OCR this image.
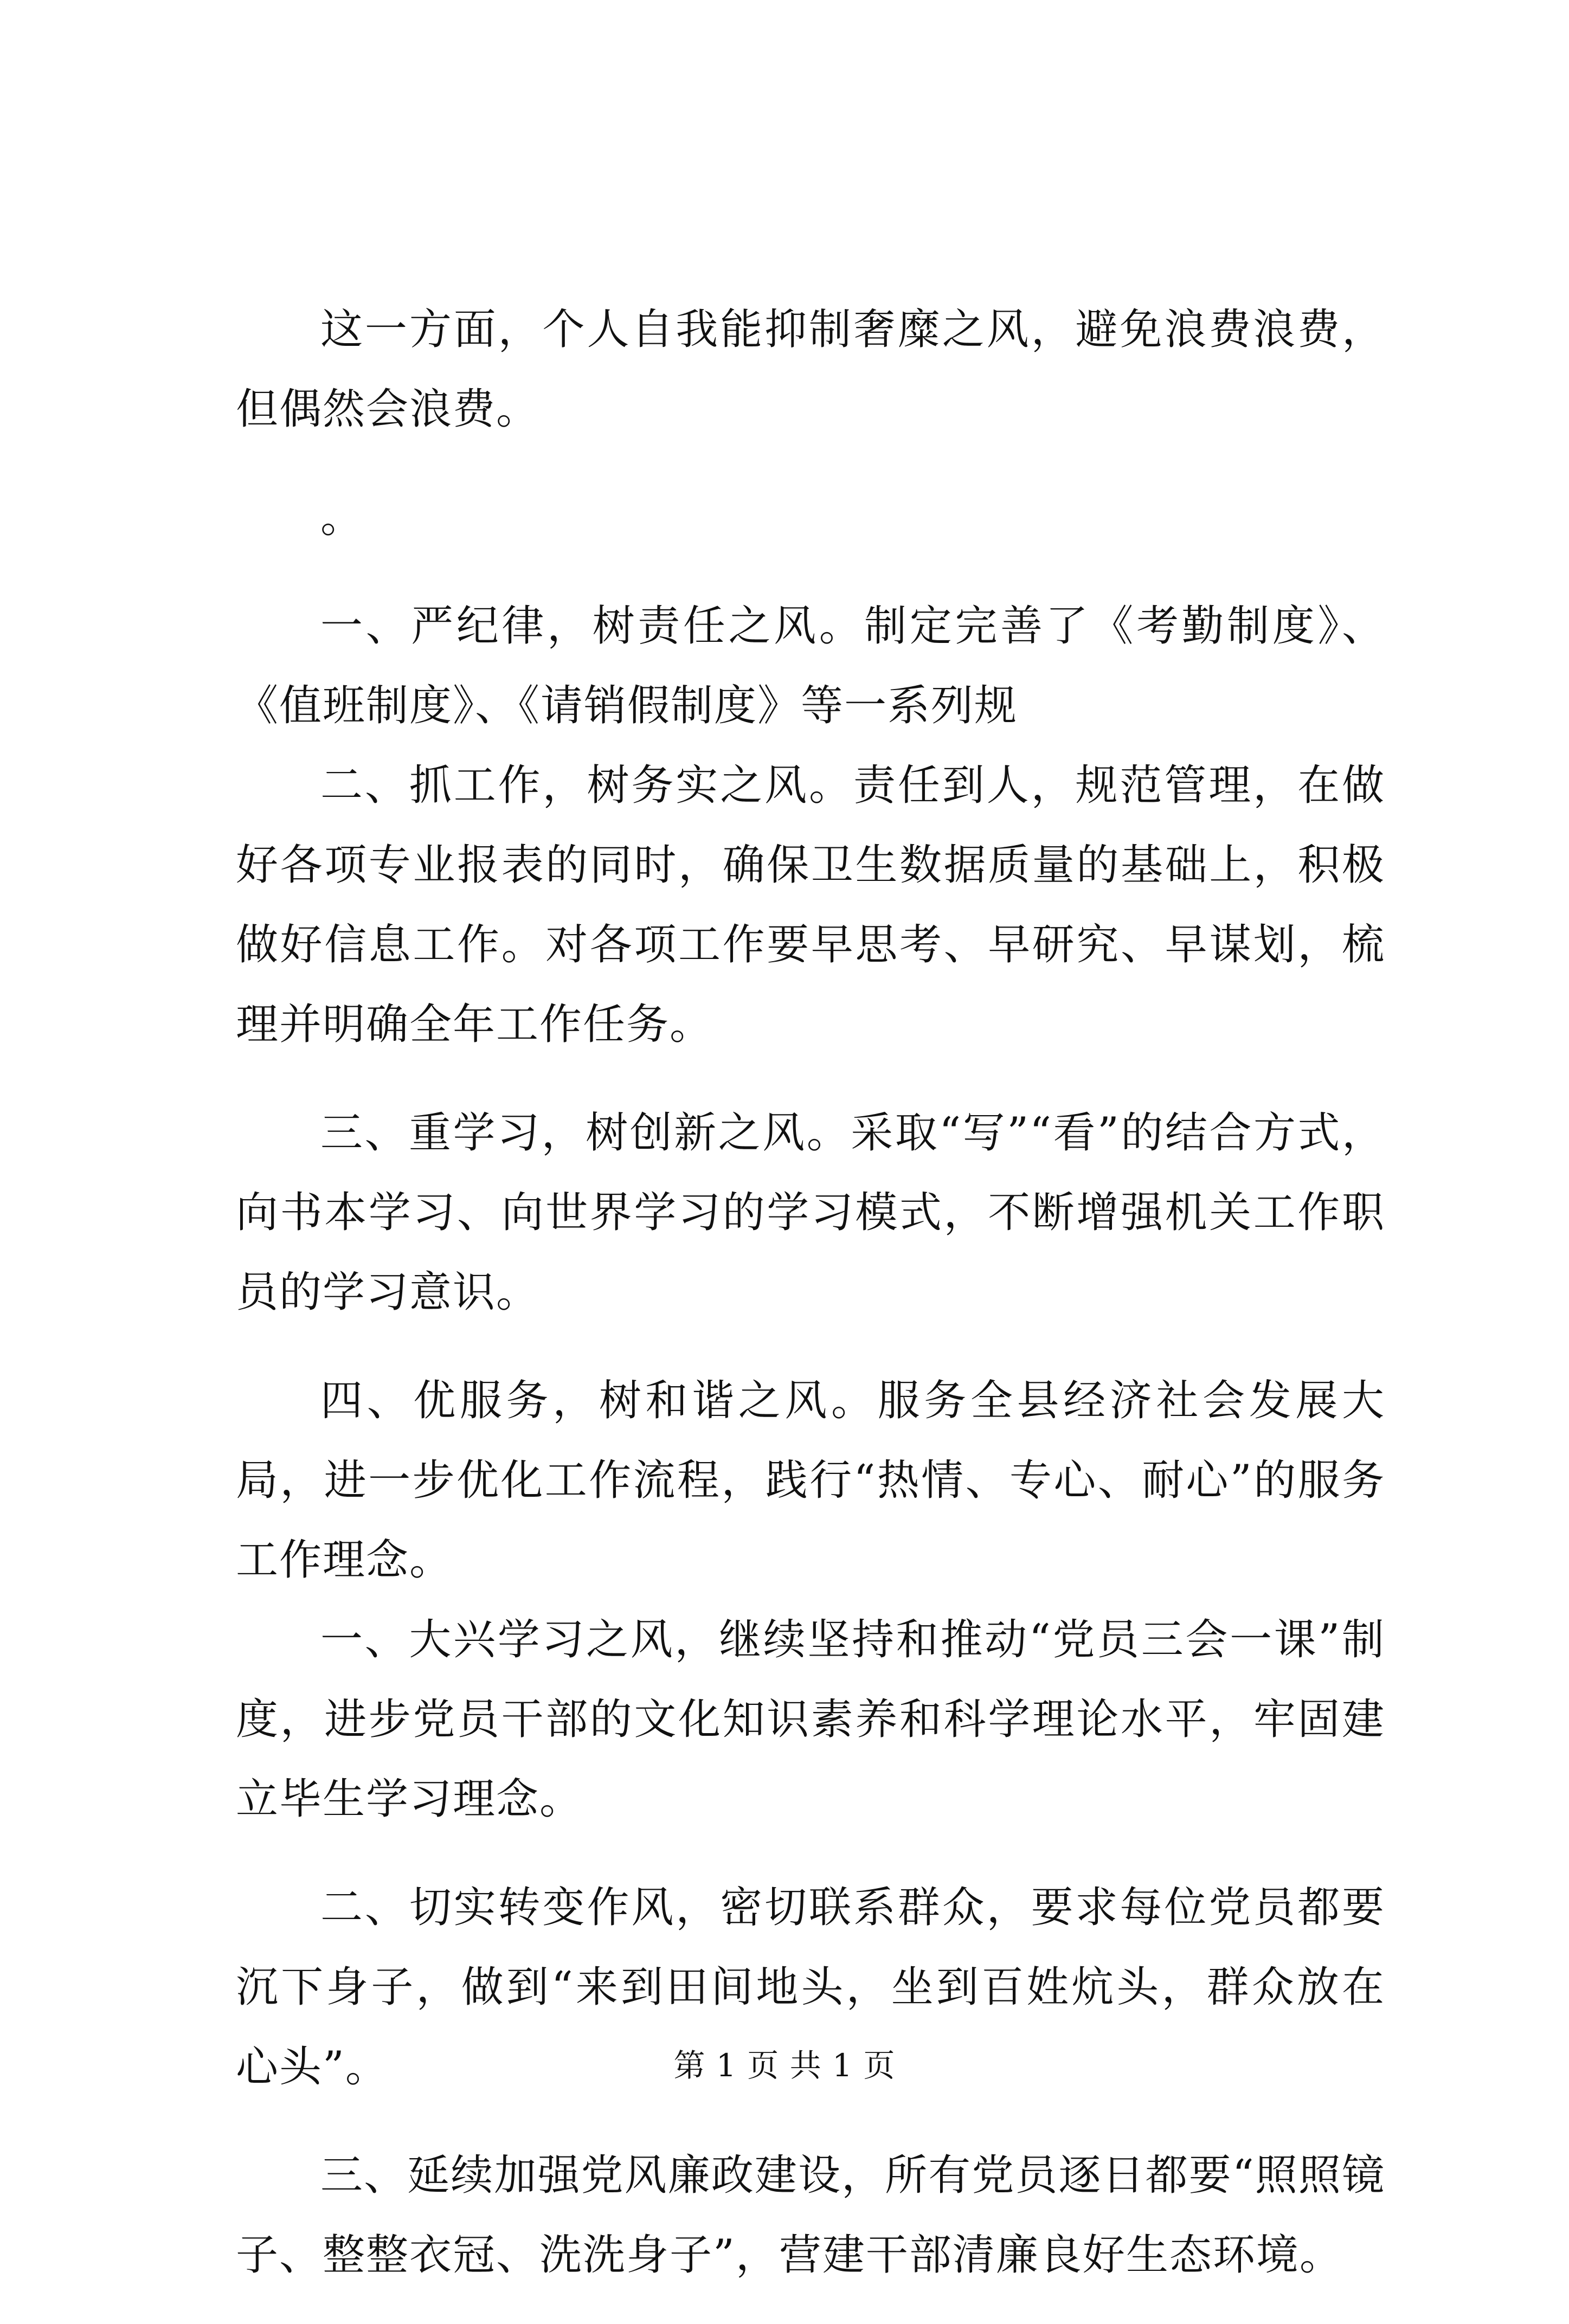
这一方面，个人自我能抑制奢糜之风，避免浪费浪费，但偶然会浪费。

。

一、严纪律，树责任之风。制定完善了《考勤制度》、《值班制度》、《请销假制度》等一系列规

二、抓工作，树务实之风。责任到人，规范管理，在做好各项专业报表的同时，确保卫生数据质量的基础上，积极做好信息工作。对各项工作要早思考、早研究、早谋划，梳理并明确全年工作任务。

三、重学习，树创新之风。采取“写”“看”的结合方式，向书本学习、向世界学习的学习模式，不断增强机关工作职员的学习意识。

四、优服务，树和谐之风。服务全县经济社会发展大局，进一步优化工作流程，践行“热情、专心、耐心”的服务工作理念。

一、大兴学习之风，继续坚持和推动“党员三会一课”制度，进步党员干部的文化知识素养和科学理论水平，牢固建立毕生学习理念。

二、切实转变作风，密切联系群众，要求每位党员都要沉下身子，做到“来到田间地头，坐到百姓炕头，群众放在心头”。

三、延续加强党风廉政建设，所有党员逐日都要“照照镜子、整整衣冠、洗洗身子”，营建干部清廉良好生态环境。

第 1 页 共 1 页
